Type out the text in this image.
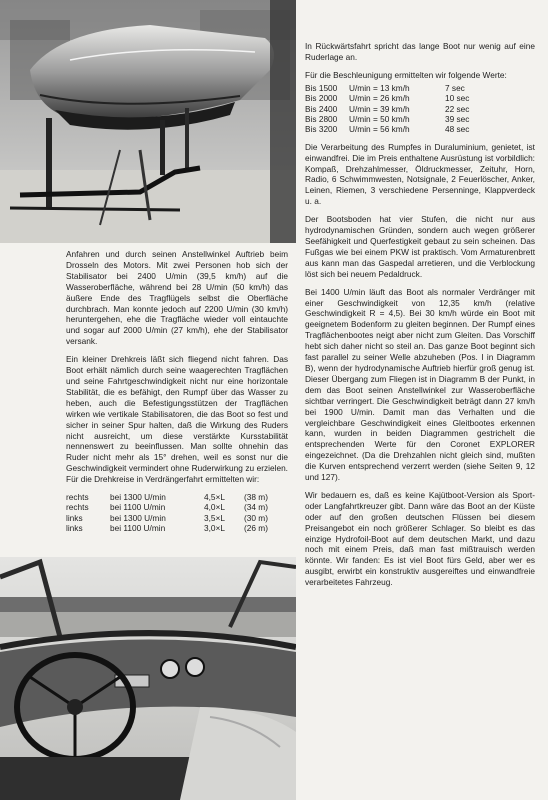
Anfahren und durch seinen Anstellwinkel Auftrieb beim Drosseln des Motors. Mit zwei Personen hob sich der Stabilisator bei 2400 U/min (39,5 km/h) auf die Wasseroberfläche, während bei 28 U/min (50 km/h) das äußere Ende des Tragflügels selbst die Oberfläche durchbrach. Man konnte jedoch auf 2200 U/min (30 km/h) heruntergehen, ehe die Tragfläche wieder voll eintauchte und sogar auf 2000 U/min (27 km/h), ehe der Stabilisator versank.

Ein kleiner Drehkreis läßt sich fliegend nicht fahren. Das Boot erhält nämlich durch seine waagerechten Tragflächen und seine Fahrtgeschwindigkeit nicht nur eine horizontale Stabilität, die es befähigt, den Rumpf über das Wasser zu heben, auch die Befestigungsstützen der Tragflächen wirken wie vertikale Stabilisatoren, die das Boot so fest und sicher in seiner Spur halten, daß die Wirkung des Ruders nicht ausreicht, um diese verstärkte Kursstabilität nennenswert zu beeinflussen. Man sollte ohnehin das Ruder nicht mehr als 15° drehen, weil es sonst nur die Geschwindigkeit vermindert ohne Ruderwirkung zu erzielen. Für die Drehkreise in Verdrängerfahrt ermittelten wir:

rechts	bei 1300 U/min	4,5×L	(38 m)
rechts	bei 1100 U/min	4,0×L	(34 m)
links	bei 1300 U/min	3,5×L	(30 m)
links	bei 1100 U/min	3,0×L	(26 m)

In Rückwärtsfahrt spricht das lange Boot nur wenig auf eine Ruderlage an.

Für die Beschleunigung ermittelten wir folgende Werte:

Bis 1500	U/min = 13 km/h	7 sec
Bis 2000	U/min = 26 km/h	10 sec
Bis 2400	U/min = 39 km/h	22 sec
Bis 2800	U/min = 50 km/h	39 sec
Bis 3200	U/min = 56 km/h	48 sec

Die Verarbeitung des Rumpfes in Duraluminium, genietet, ist einwandfrei. Die im Preis enthaltene Ausrüstung ist vorbildlich: Kompaß, Drehzahlmesser, Öldruckmesser, Zeituhr, Horn, Radio, 6 Schwimmwesten, Notsignale, 2 Feuerlöscher, Anker, Leinen, Riemen, 3 verschiedene Persenninge, Klappverdeck u. a.

Der Bootsboden hat vier Stufen, die nicht nur aus hydrodynamischen Gründen, sondern auch wegen größerer Seefähigkeit und Querfestigkeit gebaut zu sein scheinen. Das Fußgas wie bei einem PKW ist praktisch. Vom Armaturenbrett aus kann man das Gaspedal arretieren, und die Verblockung löst sich bei neuem Pedaldruck.

Bei 1400 U/min läuft das Boot als normaler Verdränger mit einer Geschwindigkeit von 12,35 km/h (relative Geschwindigkeit R = 4,5). Bei 30 km/h würde ein Boot mit geeignetem Bodenform zu gleiten beginnen. Der Rumpf eines Tragflächenbootes neigt aber nicht zum Gleiten. Das Vorschiff hebt sich daher nicht so steil an. Das ganze Boot beginnt sich fast parallel zu seiner Welle abzuheben (Pos. I in Diagramm B), wenn der hydrodynamische Auftrieb hierfür groß genug ist. Dieser Übergang zum Fliegen ist in Diagramm B der Punkt, in dem das Boot seinen Anstellwinkel zur Wasseroberfläche sichtbar verringert. Die Geschwindigkeit beträgt dann 27 km/h bei 1900 U/min. Damit man das Verhalten und die vergleichbare Geschwindigkeit eines Gleitbootes erkennen kann, wurden in beiden Diagrammen gestrichelt die entsprechenden Werte für den Coronet EXPLORER eingezeichnet. (Da die Drehzahlen nicht gleich sind, mußten die Kurven entsprechend verzerrt werden (siehe Seiten 9, 12 und 127).

Wir bedauern es, daß es keine Kajütboot-Version als Sport- oder Langfahrtkreuzer gibt. Dann wäre das Boot an der Küste oder auf den großen deutschen Flüssen bei diesem Preisangebot ein noch größerer Schlager. So bleibt es das einzige Hydrofoil-Boot auf dem deutschen Markt, und dazu noch mit einem Preis, daß man fast mißtrauisch werden könnte. Wir fanden: Es ist viel Boot fürs Geld, aber wer es ausgibt, erwirbt ein konstruktiv ausgereiftes und einwandfreie verarbeitetes Fahrzeug.
